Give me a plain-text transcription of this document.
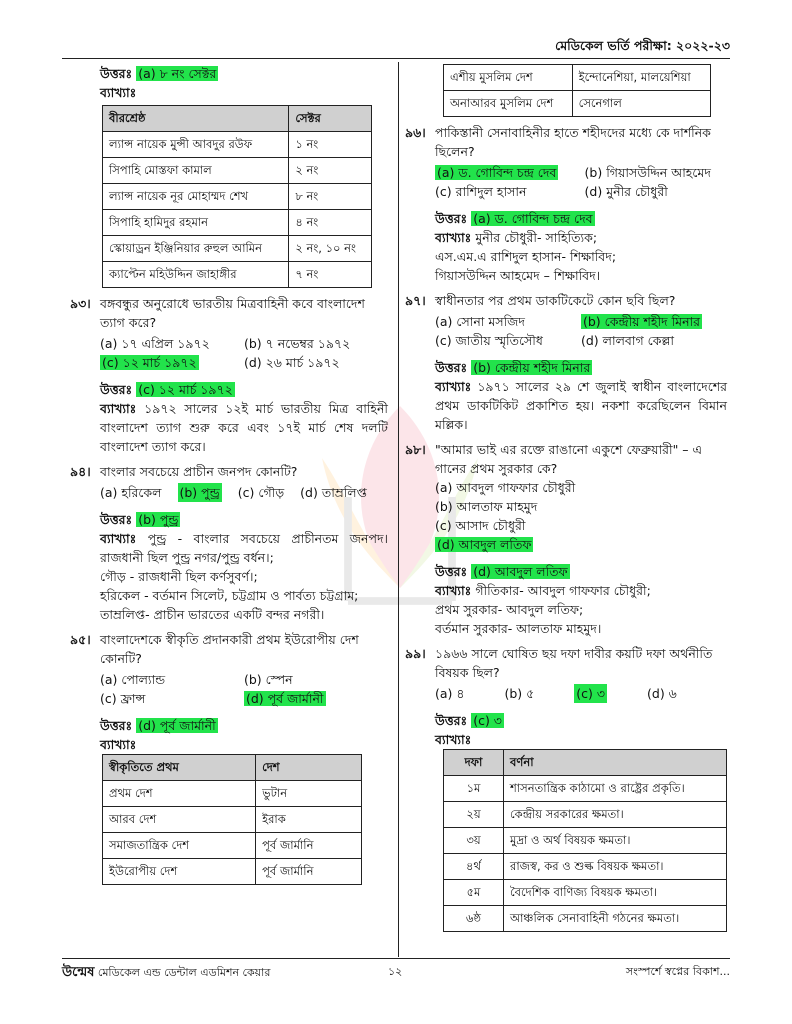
মেডিকেল ভর্তি পরীক্ষা: ২০২২-২৩
উত্তরঃ (a) ৮ নং সেক্টর
ব্যাখ্যাঃ
বীরশ্রেষ্ঠ	সেক্টর
ল্যান্স নায়েক মুন্সী আবদুর রউফ	১ নং
সিপাহি মোস্তফা কামাল	২ নং
ল্যান্স নায়েক নূর মোহাম্মদ শেখ	৮ নং
সিপাহি হামিদুর রহমান	৪ নং
স্কোয়াড্রন ইঞ্জিনিয়ার রুহুল আমিন	২ নং, ১০ নং
ক্যাপ্টেন মহিউদ্দিন জাহাঙ্গীর	৭ নং
৯৩। বঙ্গবন্ধুর অনুরোধে ভারতীয় মিত্রবাহিনী কবে বাংলাদেশ ত্যাগ করে?
(a) ১৭ এপ্রিল ১৯৭২	(b) ৭ নভেম্বর ১৯৭২
(c) ১২ মার্চ ১৯৭২	(d) ২৬ মার্চ ১৯৭২
উত্তরঃ (c) ১২ মার্চ ১৯৭২
ব্যাখ্যাঃ ১৯৭২ সালের ১২ই মার্চ ভারতীয় মিত্র বাহিনী বাংলাদেশ ত্যাগ শুরু করে এবং ১৭ই মার্চ শেষ দলটি বাংলাদেশ ত্যাগ করে।
৯৪। বাংলার সবচেয়ে প্রাচীন জনপদ কোনটি?
(a) হরিকেল (b) পুন্ড্র (c) গৌড় (d) তাম্রলিপ্ত
উত্তরঃ (b) পুন্ড্র
ব্যাখ্যাঃ পুন্ড্র - বাংলার সবচেয়ে প্রাচীনতম জনপদ। রাজধানী ছিল পুন্ড্র নগর/পুন্ড্র বর্ধন।;
গৌড় - রাজধানী ছিল কর্ণসুবর্ণ।;
হরিকেল - বর্তমান সিলেট, চট্টগ্রাম ও পার্বত্য চট্টগ্রাম;
তাম্রলিপ্ত- প্রাচীন ভারতের একটি বন্দর নগরী।
৯৫। বাংলাদেশকে স্বীকৃতি প্রদানকারী প্রথম ইউরোপীয় দেশ কোনটি?
(a) পোল্যান্ড	(b) স্পেন
(c) ফ্রান্স	(d) পূর্ব জার্মানী
উত্তরঃ (d) পূর্ব জার্মানী
ব্যাখ্যাঃ
স্বীকৃতিতে প্রথম	দেশ
প্রথম দেশ	ভুটান
আরব দেশ	ইরাক
সমাজতান্ত্রিক দেশ	পূর্ব জার্মানি
ইউরোপীয় দেশ	পূর্ব জার্মানি
এশীয় মুসলিম দেশ	ইন্দোনেশিয়া, মালয়েশিয়া
অনাআরব মুসলিম দেশ	সেনেগাল
৯৬। পাকিস্তানী সেনাবাহিনীর হাতে শহীদদের মধ্যে কে দার্শনিক ছিলেন?
(a) ড. গোবিন্দ চন্দ্র দেব	(b) গিয়াসউদ্দিন আহমেদ
(c) রাশিদুল হাসান	(d) মুনীর চৌধুরী
উত্তরঃ (a) ড. গোবিন্দ চন্দ্র দেব
ব্যাখ্যাঃ মুনীর চৌধুরী- সাহিত্যিক;
এস.এম.এ রাশিদুল হাসান- শিক্ষাবিদ;
গিয়াসউদ্দিন আহমেদ – শিক্ষাবিদ।
৯৭। স্বাধীনতার পর প্রথম ডাকটিকেটে কোন ছবি ছিল?
(a) সোনা মসজিদ	(b) কেন্দ্রীয় শহীদ মিনার
(c) জাতীয় স্মৃতিসৌধ	(d) লালবাগ কেল্লা
উত্তরঃ (b) কেন্দ্রীয় শহীদ মিনার
ব্যাখ্যাঃ ১৯৭১ সালের ২৯ শে জুলাই স্বাধীন বাংলাদেশের প্রথম ডাকটিকিট প্রকাশিত হয়। নকশা করেছিলেন বিমান মল্লিক।
৯৮। "আমার ভাই এর রক্তে রাঙানো একুশে ফেব্রুয়ারী" – এ গানের প্রথম সুরকার কে?
(a) আবদুল গাফফার চৌধুরী
(b) আলতাফ মাহমুদ
(c) আসাদ চৌধুরী
(d) আবদুল লতিফ
উত্তরঃ (d) আবদুল লতিফ
ব্যাখ্যাঃ গীতিকার- আবদুল গাফফার চৌধুরী;
প্রথম সুরকার- আবদুল লতিফ;
বর্তমান সুরকার- আলতাফ মাহমুদ।
৯৯। ১৯৬৬ সালে ঘোষিত ছয় দফা দাবীর কয়টি দফা অর্থনীতি বিষয়ক ছিল?
(a) ৪	(b) ৫	(c) ৩	(d) ৬
উত্তরঃ (c) ৩
ব্যাখ্যাঃ
দফা	বর্ণনা
১ম	শাসনতান্ত্রিক কাঠামো ও রাষ্ট্রের প্রকৃতি।
২য়	কেন্দ্রীয় সরকারের ক্ষমতা।
৩য়	মুদ্রা ও অর্থ বিষয়ক ক্ষমতা।
৪র্থ	রাজস্ব, কর ও শুল্ক বিষয়ক ক্ষমতা।
৫ম	বৈদেশিক বাণিজ্য বিষয়ক ক্ষমতা।
৬ষ্ঠ	আঞ্চলিক সেনাবাহিনী গঠনের ক্ষমতা।
উন্মেষ মেডিকেল এন্ড ডেন্টাল এডমিশন কেয়ার	১২	সংস্পর্শে স্বপ্নের বিকাশ...
